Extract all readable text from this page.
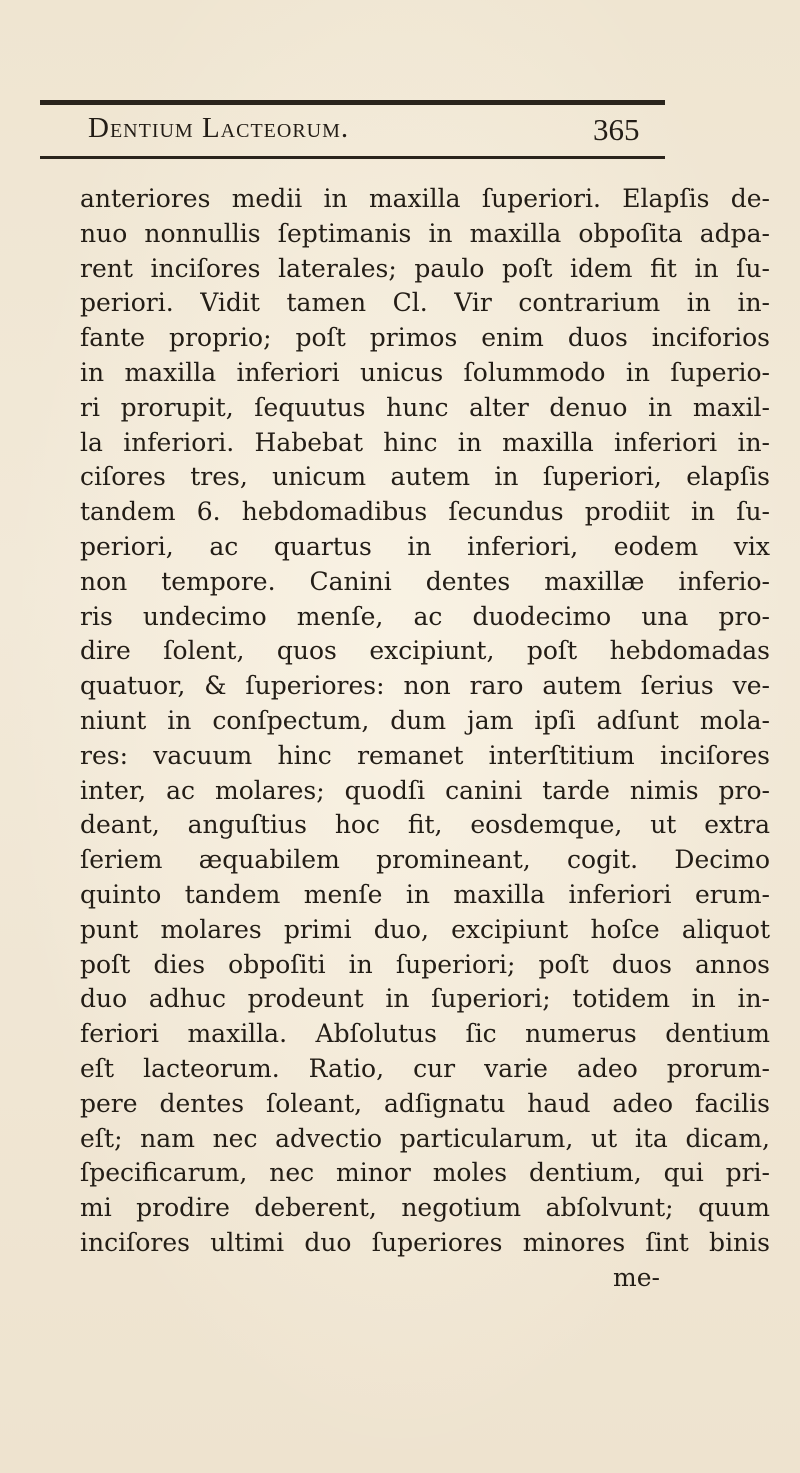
Dentium Lacteorum.	365
anteriores medii in maxilla ſuperiori. Elapſis de-
nuo nonnullis ſeptimanis in maxilla obpoſita adpa-
rent inciſores laterales; paulo poſt idem fit in ſu-
periori. Vidit tamen Cl. Vir contrarium in in-
fante proprio; poſt primos enim duos inciforios
in maxilla inferiori unicus ſolummodo in ſuperio-
ri prorupit, ſequutus hunc alter denuo in maxil-
la inferiori. Habebat hinc in maxilla inferiori in-
ciſores tres, unicum autem in ſuperiori, elapſis
tandem 6. hebdomadibus ſecundus prodiit in ſu-
periori, ac quartus in inferiori, eodem vix
non tempore. Canini dentes maxillæ inferio-
ris undecimo menſe, ac duodecimo una pro-
dire ſolent, quos excipiunt, poſt hebdomadas
quatuor, & ſuperiores: non raro autem ſerius ve-
niunt in conſpectum, dum jam ipſi adſunt mola-
res: vacuum hinc remanet interſtitium inciſores
inter, ac molares; quodſi canini tarde nimis pro-
deant, anguſtius hoc fit, eosdemque, ut extra
ſeriem æquabilem promineant, cogit. Decimo
quinto tandem menſe in maxilla inferiori erum-
punt molares primi duo, excipiunt hoſce aliquot
poſt dies obpoſiti in ſuperiori; poſt duos annos
duo adhuc prodeunt in ſuperiori; totidem in in-
feriori maxilla. Abſolutus ſic numerus dentium
eſt lacteorum. Ratio, cur varie adeo prorum-
pere dentes ſoleant, adſignatu haud adeo facilis
eſt; nam nec advectio particularum, ut ita dicam,
ſpecificarum, nec minor moles dentium, qui pri-
mi prodire deberent, negotium abſolvunt; quum
inciſores ultimi duo ſuperiores minores ſint binis
me-
